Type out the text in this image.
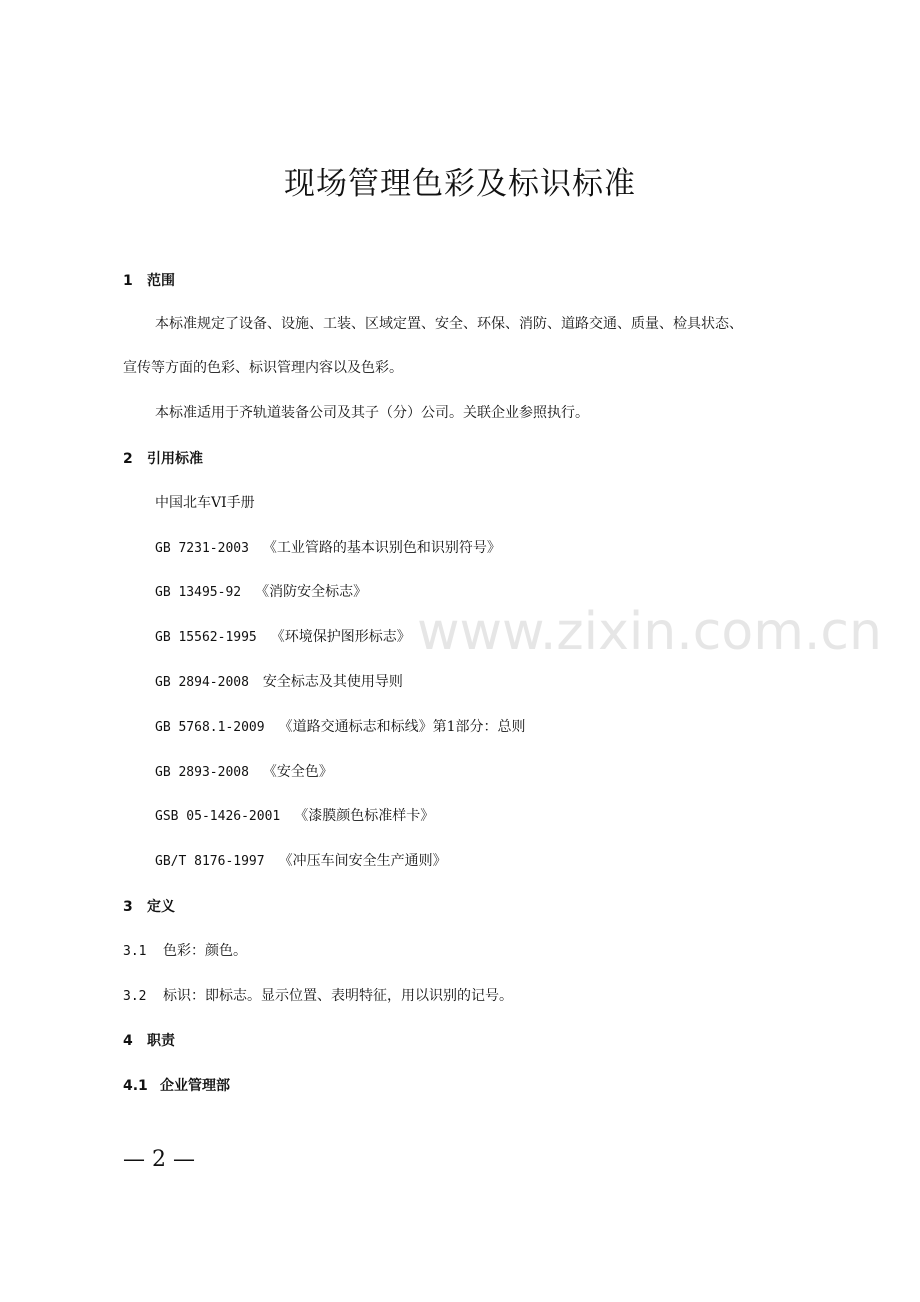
现场管理色彩及标识标准
1 范围
本标准规定了设备、设施、工装、区域定置、安全、环保、消防、道路交通、质量、检具状态、
宣传等方面的色彩、标识管理内容以及色彩。
本标准适用于齐轨道装备公司及其子（分）公司。关联企业参照执行。
2 引用标准
中国北车VI手册
GB 7231-2003 《工业管路的基本识别色和识别符号》
GB 13495-92 《消防安全标志》
GB 15562-1995 《环境保护图形标志》
GB 2894-2008 安全标志及其使用导则
GB 5768.1-2009 《道路交通标志和标线》第1部分：总则
GB 2893-2008 《安全色》
GSB 05-1426-2001 《漆膜颜色标准样卡》
GB/T 8176-1997 《冲压车间安全生产通则》
3 定义
3.1 色彩：颜色。
3.2 标识：即标志。显示位置、表明特征，用以识别的记号。
4 职责
4.1 企业管理部
www.zixin.com.cn
— 2 —
